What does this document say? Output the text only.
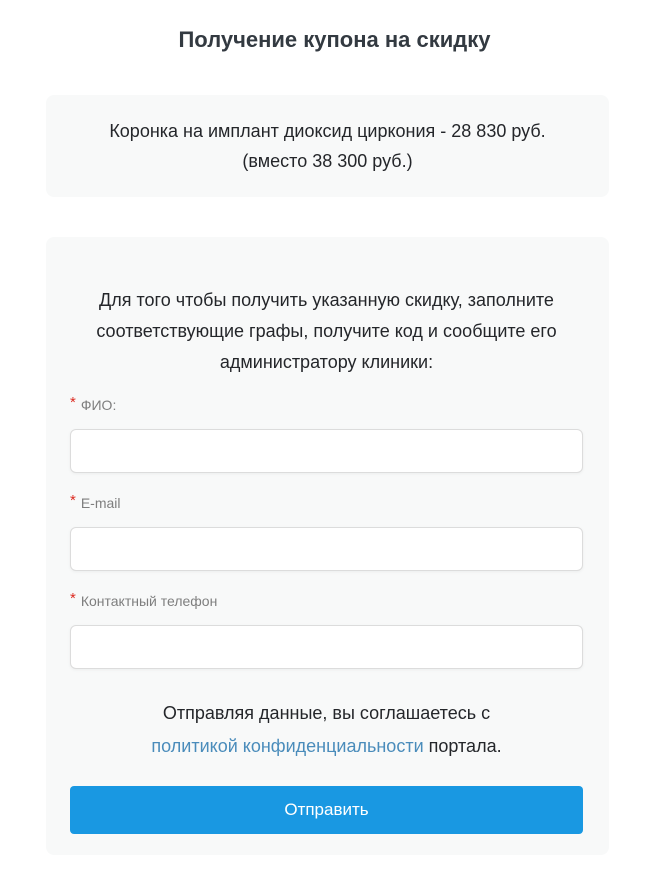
Получение купона на скидку
Коронка на имплант диоксид циркония - 28 830 руб.
(вместо 38 300 руб.)

Для того чтобы получить указанную скидку, заполните соответствующие графы, получите код и сообщите его администратору клиники:

* ФИО:
* E-mail
* Контактный телефон

Отправляя данные, вы соглашаетесь с
политикой конфиденциальности портала.

Отправить
